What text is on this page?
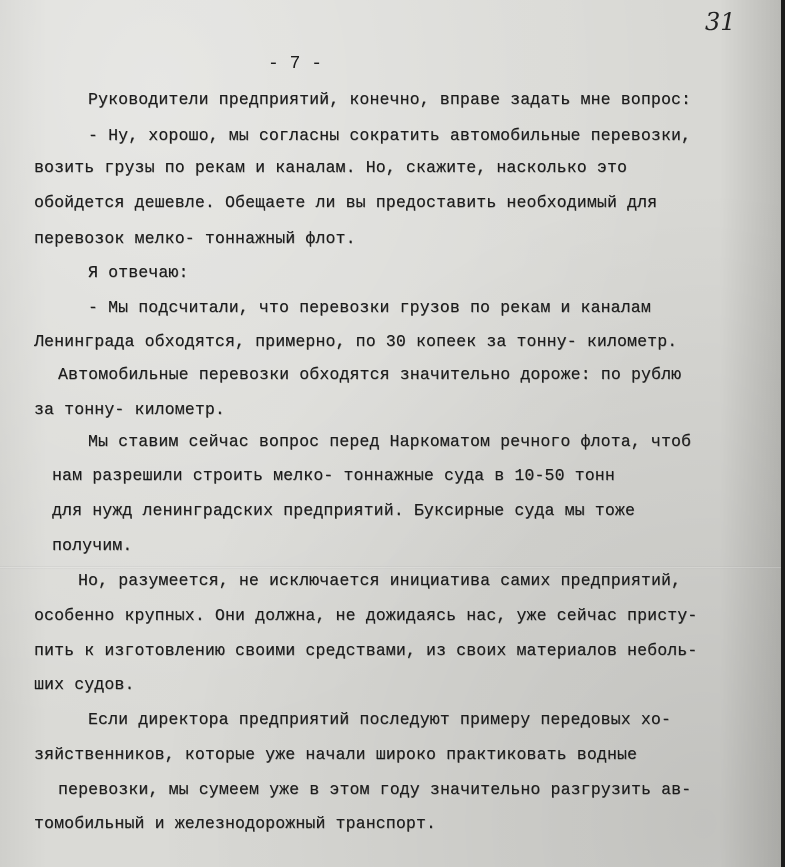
31
- 7 -
Руководители предприятий, конечно, вправе задать мне вопрос:
- Ну, хорошо, мы согласны сократить автомобильные перевозки,
возить грузы по рекам и каналам. Но, скажите, насколько это
обойдется дешевле. Обещаете ли вы предоставить необходимый для
перевозок мелко- тоннажный флот.
Я отвечаю:
- Мы подсчитали, что перевозки грузов по рекам и каналам
Ленинграда обходятся, примерно, по 30 копеек за тонну- километр.
Автомобильные перевозки обходятся значительно дороже: по рублю
за тонну- километр.
Мы ставим сейчас вопрос перед Наркоматом речного флота, чтоб
нам разрешили строить мелко- тоннажные суда в 10-50 тонн
для нужд ленинградских предприятий. Буксирные суда мы тоже
получим.
Но, разумеется, не исключается инициатива самих предприятий,
особенно крупных. Они должна, не дожидаясь нас, уже сейчас присту-
пить к изготовлению своими средствами, из своих материалов неболь-
ших судов.
Если директора предприятий последуют примеру передовых хо-
зяйственников, которые уже начали широко практиковать водные
перевозки, мы сумеем уже в этом году значительно разгрузить ав-
томобильный и железнодорожный транспорт.
